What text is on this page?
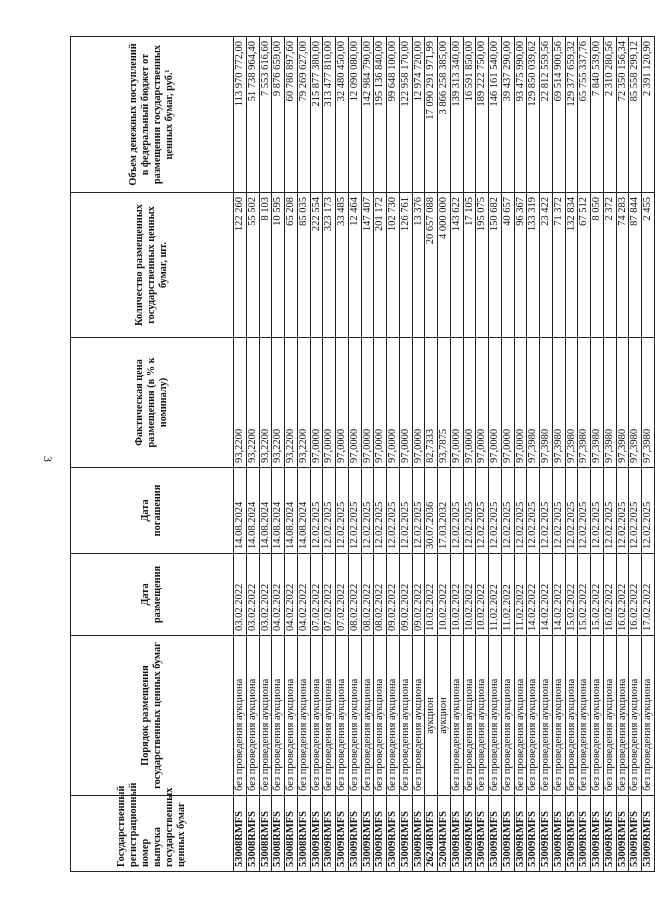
3
Государственный регистрационный номер выпуска государственных ценных бумаг	Порядок размещения государственных ценных бумаг	Дата размещения	Дата погашения	Фактическая цена размещения (в % к номиналу)	Количество размещенных государственных ценных бумаг, шт.	Объем денежных поступлений в федеральный бюджет от размещения государственных ценных бумаг, руб.¹
53008RMFS	без проведения аукциона	03.02.2022	14.08.2024	93,2200	122 260	113 970 772,00
53008RMFS	без проведения аукциона	03.02.2022	14.08.2024	93,2200	55 502	51 738 964,40
53008RMFS	без проведения аукциона	03.02.2022	14.08.2024	93,2200	8 103	7 553 616,60
53008RMFS	без проведения аукциона	04.02.2022	14.08.2024	93,2200	10 595	9 876 659,00
53008RMFS	без проведения аукциона	04.02.2022	14.08.2024	93,2200	65 208	60 786 897,60
53008RMFS	без проведения аукциона	04.02.2022	14.08.2024	93,2200	85 035	79 269 627,00
53009RMFS	без проведения аукциона	07.02.2022	12.02.2025	97,0000	222 554	215 877 380,00
53009RMFS	без проведения аукциона	07.02.2022	12.02.2025	97,0000	323 173	313 477 810,00
53009RMFS	без проведения аукциона	07.02.2022	12.02.2025	97,0000	33 485	32 480 450,00
53009RMFS	без проведения аукциона	08.02.2022	12.02.2025	97,0000	12 464	12 090 080,00
53009RMFS	без проведения аукциона	08.02.2022	12.02.2025	97,0000	147 407	142 984 790,00
53009RMFS	без проведения аукциона	08.02.2022	12.02.2025	97,0000	201 172	195 136 840,00
53009RMFS	без проведения аукциона	09.02.2022	12.02.2025	97,0000	102 730	99 648 100,00
53009RMFS	без проведения аукциона	09.02.2022	12.02.2025	97,0000	126 761	122 958 170,00
53009RMFS	без проведения аукциона	09.02.2022	12.02.2025	97,0000	13 376	12 974 720,00
26240RMFS	аукцион	10.02.2022	30.07.2036	82,7333	20 657 088	17 090 291 971,99
52004RMFS	аукцион	10.02.2022	17.03.2032	93,7875	4 000 000	3 866 258 385,00
53009RMFS	без проведения аукциона	10.02.2022	12.02.2025	97,0000	143 622	139 313 340,00
53009RMFS	без проведения аукциона	10.02.2022	12.02.2025	97,0000	17 105	16 591 850,00
53009RMFS	без проведения аукциона	10.02.2022	12.02.2025	97,0000	195 075	189 222 750,00
53009RMFS	без проведения аукциона	11.02.2022	12.02.2025	97,0000	150 682	146 161 540,00
53009RMFS	без проведения аукциона	11.02.2022	12.02.2025	97,0000	40 657	39 437 290,00
53009RMFS	без проведения аукциона	11.02.2022	12.02.2025	97,0000	96 367	93 475 990,00
53009RMFS	без проведения аукциона	14.02.2022	12.02.2025	97,3980	133 319	129 850 039,62
53009RMFS	без проведения аукциона	14.02.2022	12.02.2025	97,3980	23 422	22 812 559,56
53009RMFS	без проведения аукциона	14.02.2022	12.02.2025	97,3980	71 372	69 514 900,56
53009RMFS	без проведения аукциона	15.02.2022	12.02.2025	97,3980	132 834	129 377 659,32
53009RMFS	без проведения аукциона	15.02.2022	12.02.2025	97,3980	67 512	65 755 337,76
53009RMFS	без проведения аукциона	15.02.2022	12.02.2025	97,3980	8 050	7 840 539,00
53009RMFS	без проведения аукциона	16.02.2022	12.02.2025	97,3980	2 372	2 310 280,56
53009RMFS	без проведения аукциона	16.02.2022	12.02.2025	97,3980	74 283	72 350 156,34
53009RMFS	без проведения аукциона	16.02.2022	12.02.2025	97,3980	87 844	85 558 299,12
53009RMFS	без проведения аукциона	17.02.2022	12.02.2025	97,3980	2 455	2 391 120,90
